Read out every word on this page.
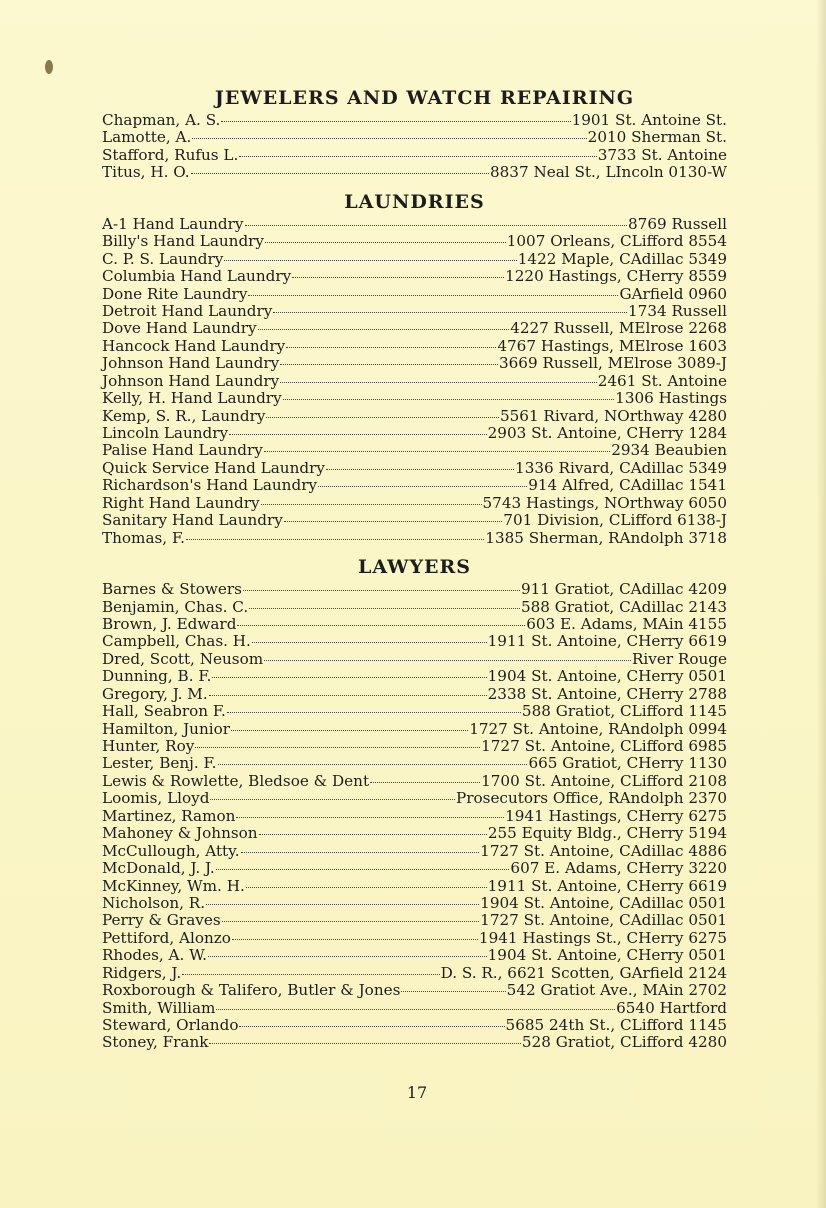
JEWELERS AND WATCH REPAIRING
Chapman, A. S.	1901 St. Antoine St.
Lamotte, A.	2010 Sherman St.
Stafford, Rufus L.	3733 St. Antoine
Titus, H. O.	8837 Neal St., LIncoln 0130-W
LAUNDRIES
A-1 Hand Laundry	8769 Russell
Billy's Hand Laundry	1007 Orleans, CLifford 8554
C. P. S. Laundry	1422 Maple, CAdillac 5349
Columbia Hand Laundry	1220 Hastings, CHerry 8559
Done Rite Laundry	GArfield 0960
Detroit Hand Laundry	1734 Russell
Dove Hand Laundry	4227 Russell, MElrose 2268
Hancock Hand Laundry	4767 Hastings, MElrose 1603
Johnson Hand Laundry	3669 Russell, MElrose 3089-J
Johnson Hand Laundry	2461 St. Antoine
Kelly, H. Hand Laundry	1306 Hastings
Kemp, S. R., Laundry	5561 Rivard, NOrthway 4280
Lincoln Laundry	2903 St. Antoine, CHerry 1284
Palise Hand Laundry	2934 Beaubien
Quick Service Hand Laundry	1336 Rivard, CAdillac 5349
Richardson's Hand Laundry	914 Alfred, CAdillac 1541
Right Hand Laundry	5743 Hastings, NOrthway 6050
Sanitary Hand Laundry	701 Division, CLifford 6138-J
Thomas, F.	1385 Sherman, RAndolph 3718
LAWYERS
Barnes & Stowers	911 Gratiot, CAdillac 4209
Benjamin, Chas. C.	588 Gratiot, CAdillac 2143
Brown, J. Edward	603 E. Adams, MAin 4155
Campbell, Chas. H.	1911 St. Antoine, CHerry 6619
Dred, Scott, Neusom	River Rouge
Dunning, B. F.	1904 St. Antoine, CHerry 0501
Gregory, J. M.	2338 St. Antoine, CHerry 2788
Hall, Seabron F.	588 Gratiot, CLifford 1145
Hamilton, Junior	1727 St. Antoine, RAndolph 0994
Hunter, Roy	1727 St. Antoine, CLifford 6985
Lester, Benj. F.	665 Gratiot, CHerry 1130
Lewis & Rowlette, Bledsoe & Dent	1700 St. Antoine, CLifford 2108
Loomis, Lloyd	Prosecutors Office, RAndolph 2370
Martinez, Ramon	1941 Hastings, CHerry 6275
Mahoney & Johnson	255 Equity Bldg., CHerry 5194
McCullough, Atty.	1727 St. Antoine, CAdillac 4886
McDonald, J. J.	607 E. Adams, CHerry 3220
McKinney, Wm. H.	1911 St. Antoine, CHerry 6619
Nicholson, R.	1904 St. Antoine, CAdillac 0501
Perry & Graves	1727 St. Antoine, CAdillac 0501
Pettiford, Alonzo	1941 Hastings St., CHerry 6275
Rhodes, A. W.	1904 St. Antoine, CHerry 0501
Ridgers, J.	D. S. R., 6621 Scotten, GArfield 2124
Roxborough & Talifero, Butler & Jones	542 Gratiot Ave., MAin 2702
Smith, William	6540 Hartford
Steward, Orlando	5685 24th St., CLifford 1145
Stoney, Frank	528 Gratiot, CLifford 4280
17
